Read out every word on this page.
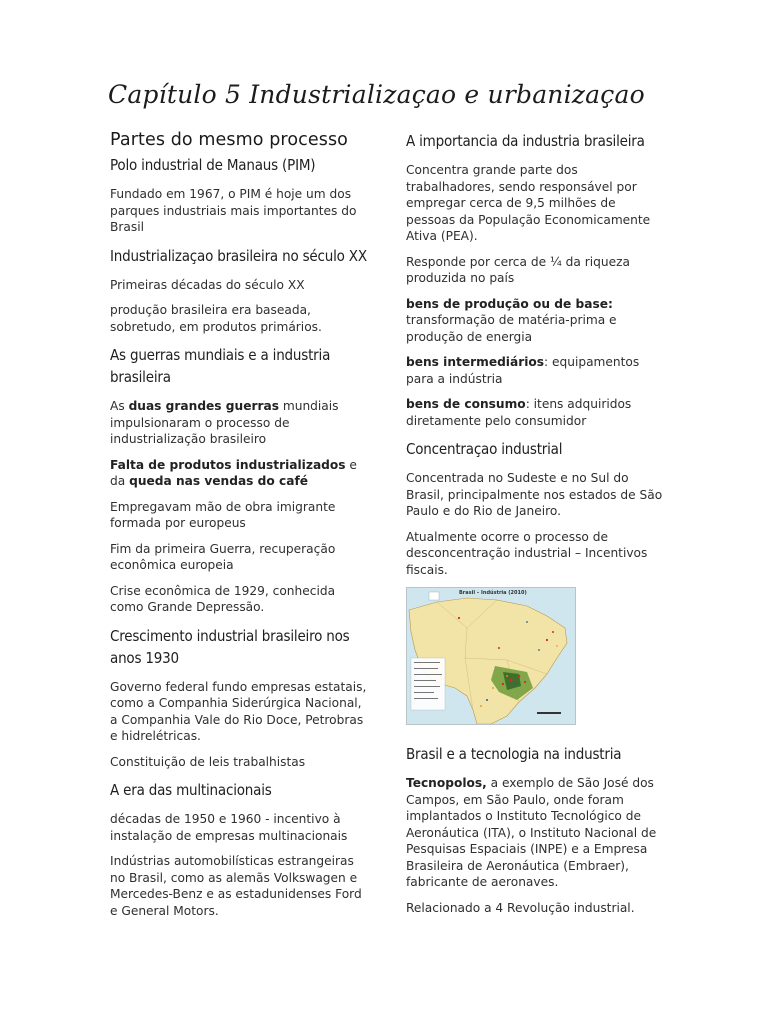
Capítulo 5 Industrializaçao e urbanizaçao
Partes do mesmo processo
Polo industrial de Manaus (PIM)
Fundado em 1967, o PIM é hoje um dos parques industriais mais importantes do Brasil
Industrializaçao brasileira no século XX
Primeiras décadas do século XX
produção brasileira era baseada, sobretudo, em produtos primários.
As guerras mundiais e a industria brasileira
As duas grandes guerras mundiais impulsionaram o processo de industrialização brasileiro
Falta de produtos industrializados e da queda nas vendas do café
Empregavam mão de obra imigrante formada por europeus
Fim da primeira Guerra, recuperação econômica europeia
Crise econômica de 1929, conhecida como Grande Depressão.
Crescimento industrial brasileiro nos anos 1930
Governo federal fundo empresas estatais, como a Companhia Siderúrgica Nacional, a Companhia Vale do Rio Doce, Petrobras e hidrelétricas.
Constituição de leis trabalhistas
A era das multinacionais
décadas de 1950 e 1960 - incentivo à instalação de empresas multinacionais
Indústrias automobilísticas estrangeiras no Brasil, como as alemãs Volkswagen e Mercedes-Benz e as estadunidenses Ford e General Motors.
A importancia da industria brasileira
Concentra grande parte dos trabalhadores, sendo responsável por empregar cerca de 9,5 milhões de pessoas da População Economicamente Ativa (PEA).
Responde por cerca de ¼ da riqueza produzida no país
bens de produção ou de base: transformação de matéria-prima e produção de energia
bens intermediários: equipamentos para a indústria
bens de consumo: itens adquiridos diretamente pelo consumidor
Concentraçao industrial
Concentrada no Sudeste e no Sul do Brasil, principalmente nos estados de São Paulo e do Rio de Janeiro.
Atualmente ocorre o processo de desconcentração industrial – Incentivos fiscais.
Brasil – Indústria (2010)
Brasil e a tecnologia na industria
Tecnopolos, a exemplo de São José dos Campos, em São Paulo, onde foram implantados o Instituto Tecnológico de Aeronáutica (ITA), o Instituto Nacional de Pesquisas Espaciais (INPE) e a Empresa Brasileira de Aeronáutica (Embraer), fabricante de aeronaves.
Relacionado a 4 Revolução industrial.
